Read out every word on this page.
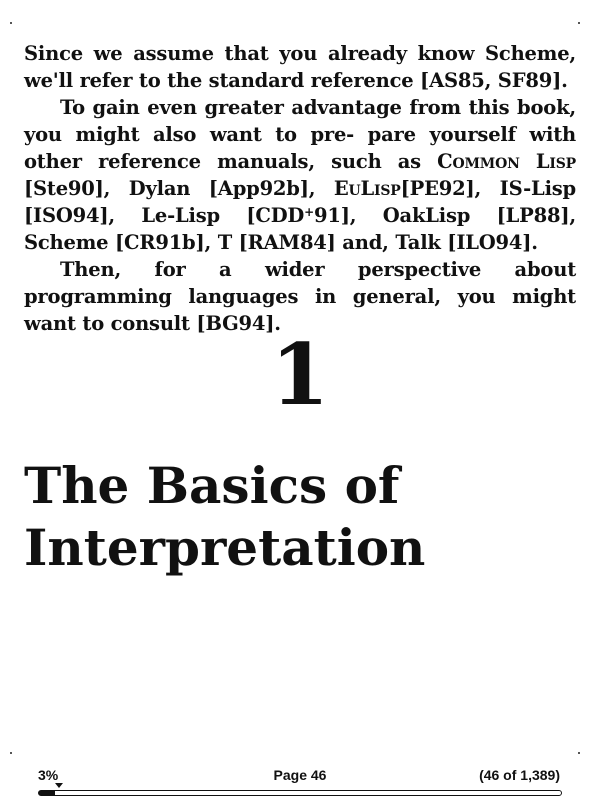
Since we assume that you already know Scheme, we'll refer to the standard reference [AS85, SF89].

To gain even greater advantage from this book, you might also want to pre- pare yourself with other reference manuals, such as Common Lisp [Ste90], Dylan [App92b], EuLisp[PE92], IS-Lisp [ISO94], Le-Lisp [CDD+91], OakLisp [LP88], Scheme [CR91b], T [RAM84] and, Talk [ILO94].

Then, for a wider perspective about programming languages in general, you might want to consult [BG94].

1
The Basics of
Interpretation
3%	Page 46	(46 of 1,389)
